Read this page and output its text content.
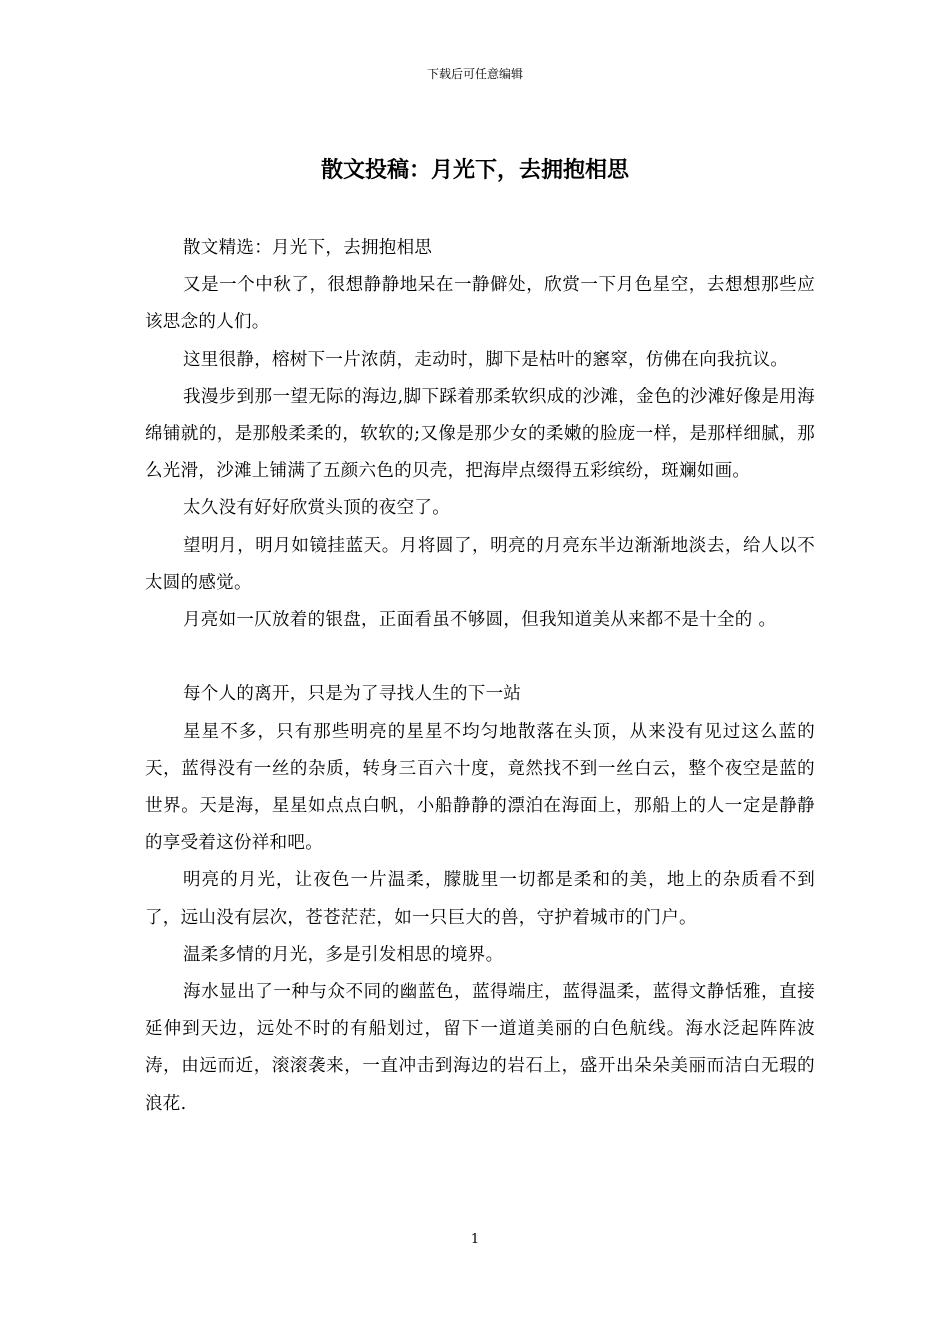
下载后可任意编辑
散文投稿：月光下，去拥抱相思

散文精选：月光下，去拥抱相思

又是一个中秋了，很想静静地呆在一静僻处，欣赏一下月色星空，去想想那些应该思念的人们。

这里很静，榕树下一片浓荫，走动时，脚下是枯叶的窸窣，仿佛在向我抗议。

我漫步到那一望无际的海边,脚下踩着那柔软织成的沙滩，金色的沙滩好像是用海绵铺就的，是那般柔柔的，软软的;又像是那少女的柔嫩的脸庞一样，是那样细腻，那么光滑，沙滩上铺满了五颜六色的贝壳，把海岸点缀得五彩缤纷，斑斓如画。

太久没有好好欣赏头顶的夜空了。

望明月，明月如镜挂蓝天。月将圆了，明亮的月亮东半边渐渐地淡去，给人以不太圆的感觉。

月亮如一仄放着的银盘，正面看虽不够圆，但我知道美从来都不是十全的 。

每个人的离开，只是为了寻找人生的下一站

星星不多，只有那些明亮的星星不均匀地散落在头顶，从来没有见过这么蓝的天，蓝得没有一丝的杂质，转身三百六十度，竟然找不到一丝白云，整个夜空是蓝的世界。天是海，星星如点点白帆，小船静静的漂泊在海面上，那船上的人一定是静静的享受着这份祥和吧。

明亮的月光，让夜色一片温柔，朦胧里一切都是柔和的美，地上的杂质看不到了，远山没有层次，苍苍茫茫，如一只巨大的兽，守护着城市的门户。

温柔多情的月光，多是引发相思的境界。

海水显出了一种与众不同的幽蓝色，蓝得端庄，蓝得温柔，蓝得文静恬雅，直接延伸到天边，远处不时的有船划过，留下一道道美丽的白色航线。海水泛起阵阵波涛，由远而近，滚滚袭来，一直冲击到海边的岩石上，盛开出朵朵美丽而洁白无瑕的浪花.

1
